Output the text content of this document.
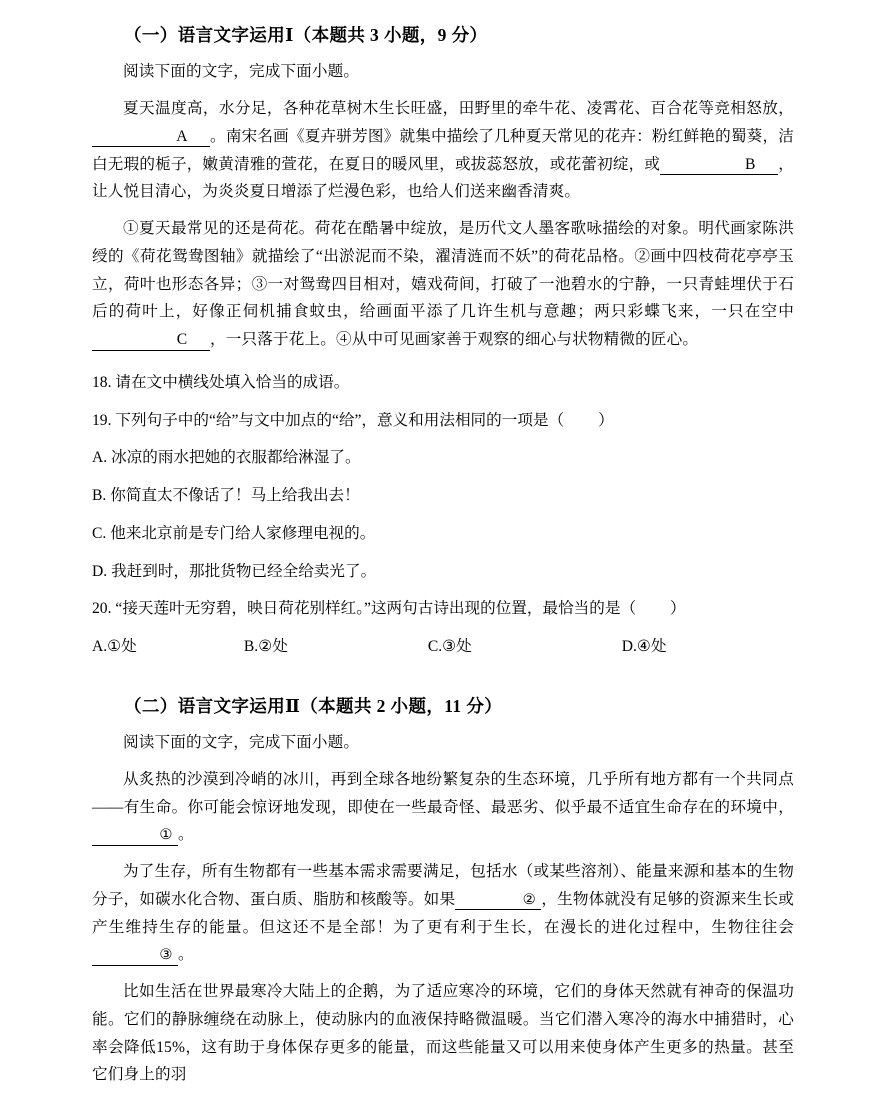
（一）语言文字运用Ⅰ（本题共 3 小题，9 分）

阅读下面的文字，完成下面小题。

夏天温度高，水分足，各种花草树木生长旺盛，田野里的牵牛花、凌霄花、百合花等竞相怒放，A 。南宋名画《夏卉骈芳图》就集中描绘了几种夏天常见的花卉：粉红鲜艳的蜀葵，洁白无瑕的栀子，嫩黄清雅的萱花，在夏日的暖风里，或拔蕊怒放，或花蕾初绽，或	B ，让人悦目清心，为炎炎夏日增添了烂漫色彩，也给人们送来幽香清爽。

①夏天最常见的还是荷花。荷花在酷暑中绽放，是历代文人墨客歌咏描绘的对象。明代画家陈洪绶的《荷花鸳鸯图轴》就描绘了“出淤泥而不染，濯清涟而不妖”的荷花品格。②画中四枝荷花亭亭玉立，荷叶也形态各异；③一对鸳鸯四目相对，嬉戏荷间，打破了一池碧水的宁静，一只青蛙埋伏于石后的荷叶上，好像正伺机捕食蚊虫，给画面平添了几许生机与意趣；两只彩蝶飞来，一只在空中C ，一只落于花上。④从中可见画家善于观察的细心与状物精微的匠心。

18. 请在文中横线处填入恰当的成语。

19. 下列句子中的“给”与文中加点的“给”，意义和用法相同的一项是（ ）

A. 冰凉的雨水把她的衣服都给淋湿了。

B. 你简直太不像话了！马上给我出去！

C. 他来北京前是专门给人家修理电视的。

D. 我赶到时，那批货物已经全给卖光了。

20. “接天莲叶无穷碧，映日荷花别样红。”这两句古诗出现的位置，最恰当的是（ ）

A.①处	B.②处	C.③处	D.④处
（二）语言文字运用Ⅱ（本题共 2 小题，11 分）

阅读下面的文字，完成下面小题。

从炙热的沙漠到冷峭的冰川，再到全球各地纷繁复杂的生态环境，几乎所有地方都有一个共同点——有生命。你可能会惊讶地发现，即使在一些最奇怪、最恶劣、似乎最不适宜生命存在的环境中，① 。

为了生存，所有生物都有一些基本需求需要满足，包括水（或某些溶剂）、能量来源和基本的生物分子，如碳水化合物、蛋白质、脂肪和核酸等。如果	② ，生物体就没有足够的资源来生长或产生维持生存的能量。但这还不是全部！为了更有利于生长，在漫长的进化过程中，生物往往会③ 。

比如生活在世界最寒冷大陆上的企鹅，为了适应寒冷的环境，它们的身体天然就有神奇的保温功能。它们的静脉缠绕在动脉上，使动脉内的血液保持略微温暖。当它们潜入寒冷的海水中捕猎时，心率会降低15%，这有助于身体保存更多的能量，而这些能量又可以用来使身体产生更多的热量。甚至它们身上的羽
